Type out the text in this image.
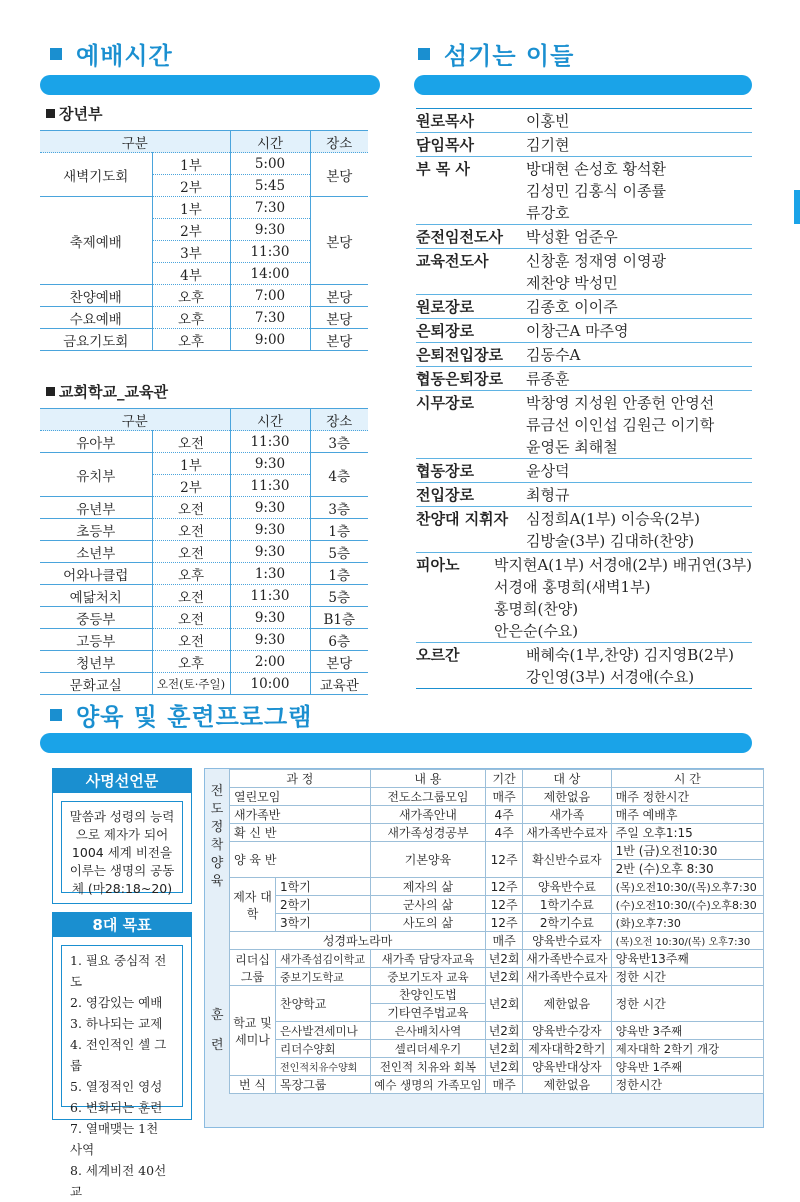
예배시간
장년부
구분		시간	장소
새벽기도회	1부	5:00	본당
	2부	5:45	
축제예배	1부	7:30	본당
	2부	9:30	
	3부	11:30	
	4부	14:00	
찬양예배	오후	7:00	본당
수요예배	오후	7:30	본당
금요기도회	오후	9:00	본당
교회학교_교육관
구분		시간	장소
유아부	오전	11:30	3층
유치부	1부	9:30	4층
	2부	11:30	
유년부	오전	9:30	3층
초등부	오전	9:30	1층
소년부	오전	9:30	5층
어와나클럽	오후	1:30	1층
예닮처치	오전	11:30	5층
중등부	오전	9:30	B1층
고등부	오전	9:30	6층
청년부	오후	2:00	본당
문화교실	오전(토·주일)	10:00	교육관
섬기는 이들
원로목사	이홍빈
담임목사	김기현
부 목 사	방대현 손성호 황석환
김성민 김홍식 이종률
류강호
준전임전도사	박성환 엄준우
교육전도사	신창훈 정재영 이영광
제찬양 박성민
원로장로	김종호 이이주
은퇴장로	이창근A 마주영
은퇴전입장로	김동수A
협동은퇴장로	류종훈
시무장로	박창영 지성원 안종헌 안영선
류금선 이인섭 김원근 이기학
윤영돈 최해철
협동장로	윤상덕
전입장로	최형규
찬양대 지휘자	심정희A(1부) 이승욱(2부)
김방술(3부) 김대하(찬양)
피아노	박지현A(1부) 서경애(2부) 배귀연(3부)
서경애 홍명희(새벽1부)
홍명희(찬양)
안은순(수요)
오르간	배혜숙(1부,찬양) 김지영B(2부)
강인영(3부) 서경애(수요)
양육 및 훈련프로그램
사명선언문
말씀과 성령의 능력으로 제자가 되어 1004 세계 비전을 이루는 생명의 공동체 (마28:18~20)
8대 목표
1. 필요 중심적 전도
2. 영감있는 예배
3. 하나되는 교제
4. 전인적인 셀 그룹
5. 열정적인 영성
6. 변화되는 훈련
7. 열매맺는 1천 사역
8. 세계비전 40선교
전도 정착 양육
훈 련
과 정		내 용	기간	대 상	시 간
열린모임		전도소그룹모임	매주	제한없음	매주 정한시간
새가족반		새가족안내	4주	새가족	매주 예배후
확 신 반		새가족성경공부	4주	새가족반수료자	주일 오후1:15
양 육 반		기본양육	12주	확신반수료자	1반 (금)오전10:30
					2반 (수)오후 8:30
제자 대학	1학기	제자의 삶	12주	양육반수료	(목)오전10:30/(목)오후7:30
	2학기	군사의 삶	12주	1학기수료	(수)오전10:30/(수)오후8:30
	3학기	사도의 삶	12주	2학기수료	(화)오후7:30
성경파노라마			매주	양육반수료자	(목)오전 10:30/(목) 오후7:30
리더십 그룹	새가족섬김이학교	새가족 담당자교육	년2회	새가족반수료자	양육반13주째
	중보기도학교	중보기도자 교육	년2회	새가족반수료자	정한 시간
학교 및 세미나	찬양학교	찬양인도법	년2회	제한없음	정한 시간
		기타연주법교육			
	은사발견세미나	은사배치사역	년2회	양육반수강자	양육반 3주째
	리더수양회	셀리더세우기	년2회	제자대학2학기	제자대학 2학기 개강
	전인적치유수양회	전인적 치유와 회복	년2회	양육반대상자	양육반 1주째
번 식	목장그룹	예수 생명의 가족모임	매주	제한없음	정한시간
